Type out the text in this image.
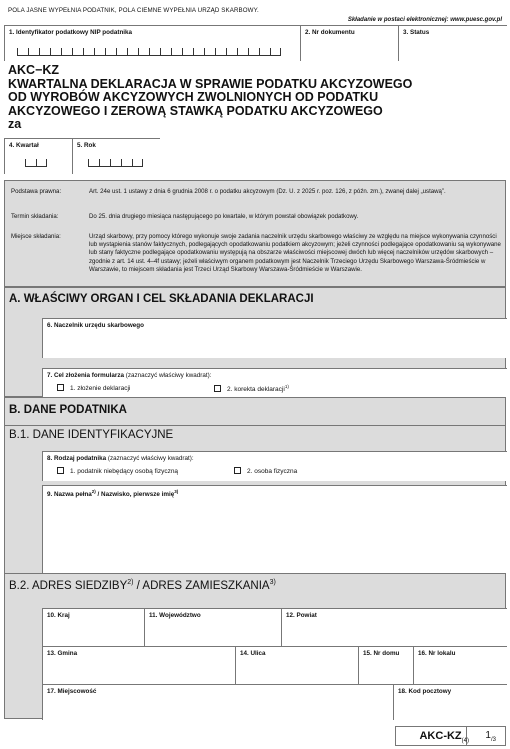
POLA JASNE WYPEŁNIA PODATNIK, POLA CIEMNE WYPEŁNIA URZĄD SKARBOWY.
Składanie w postaci elektronicznej: www.puesc.gov.pl
1. Identyfikator podatkowy NIP podatnika	2. Nr dokumentu	3. Status
AKC−KZ
KWARTALNA DEKLARACJA W SPRAWIE PODATKU AKCYZOWEGO
OD WYROBÓW AKCYZOWYCH ZWOLNIONYCH OD PODATKU
AKCYZOWEGO I ZEROWĄ STAWKĄ PODATKU AKCYZOWEGO
za
4. Kwartał	5. Rok
Podstawa prawna:	Art. 24e ust. 1 ustawy z dnia 6 grudnia 2008 r. o podatku akcyzowym (Dz. U. z 2025 r. poz. 126, z późn. zm.), zwanej dalej „ustawą”.
Termin składania:	Do 25. dnia drugiego miesiąca następującego po kwartale, w którym powstał obowiązek podatkowy.
Miejsce składania:	Urząd skarbowy, przy pomocy którego wykonuje swoje zadania naczelnik urzędu skarbowego właściwy ze względu na miejsce wykonywania czynności lub wystąpienia stanów faktycznych, podlegających opodatkowaniu podatkiem akcyzowym; jeżeli czynności podlegające opodatkowaniu są wykonywane lub stany faktyczne podlegające opodatkowaniu występują na obszarze właściwości miejscowej dwóch lub więcej naczelników urzędów skarbowych – zgodnie z art. 14 ust. 4–4f ustawy; jeżeli właściwym organem podatkowym jest Naczelnik Trzeciego Urzędu Skarbowego Warszawa-Śródmieście w Warszawie, to miejscem składania jest Trzeci Urząd Skarbowy Warszawa-Śródmieście w Warszawie.
A. WŁAŚCIWY ORGAN I CEL SKŁADANIA DEKLARACJI
6. Naczelnik urzędu skarbowego
7. Cel złożenia formularza (zaznaczyć właściwy kwadrat):
1. złożenie deklaracji	2. korekta deklaracji$^{1)}$
B. DANE PODATNIKA
B.1. DANE IDENTYFIKACYJNE
8. Rodzaj podatnika (zaznaczyć właściwy kwadrat):
1. podatnik niebędący osobą fizyczną	2. osoba fizyczna
9. Nazwa pełna$^{2)}$ / Nazwisko, pierwsze imię$^{3)}$
B.2. ADRES SIEDZIBY$^{2)}$ / ADRES ZAMIESZKANIA$^{3)}$
10. Kraj	11. Województwo	12. Powiat
13. Gmina	14. Ulica	15. Nr domu	16. Nr lokalu
17. Miejscowość	18. Kod pocztowy
AKC-$KZ_{(4)}$
$1_{/3}$
